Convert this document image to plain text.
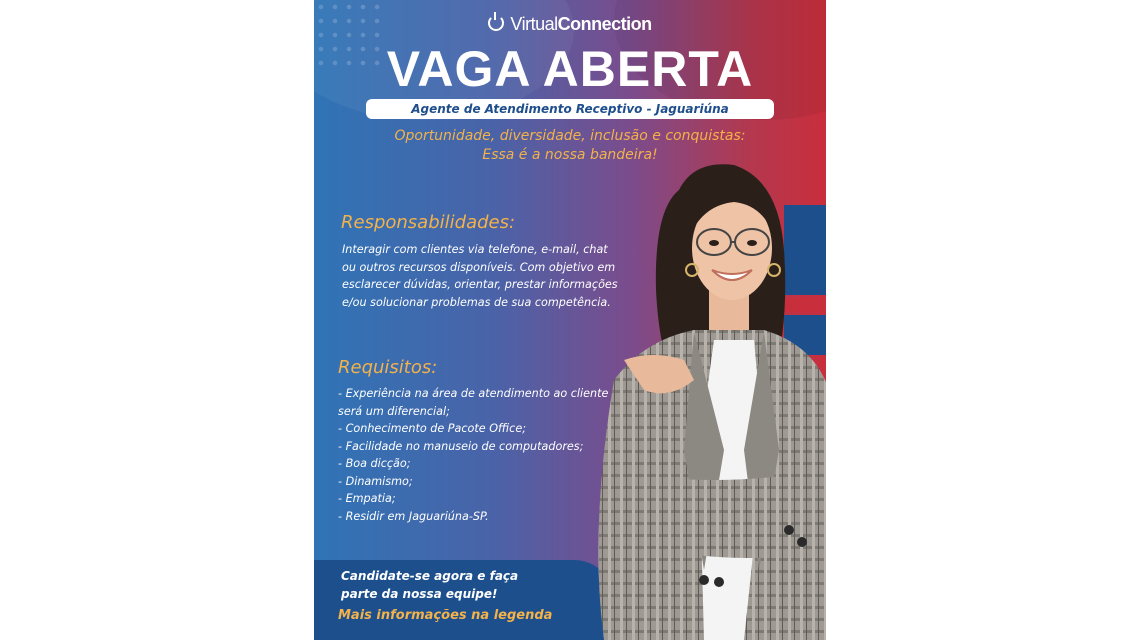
VirtualConnection
VAGA ABERTA
Agente de Atendimento Receptivo - Jaguariúna
Oportunidade, diversidade, inclusão e conquistas:
Essa é a nossa bandeira!
Responsabilidades:
Interagir com clientes via telefone, e-mail, chat
ou outros recursos disponíveis. Com objetivo em
esclarecer dúvidas, orientar, prestar informações
e/ou solucionar problemas de sua competência.
Requisitos:
- Experiência na área de atendimento ao cliente
será um diferencial;
- Conhecimento de Pacote Office;
- Facilidade no manuseio de computadores;
- Boa dicção;
- Dinamismo;
- Empatia;
- Residir em Jaguariúna-SP.
Candidate-se agora e faça
parte da nossa equipe!
Mais informações na legenda
